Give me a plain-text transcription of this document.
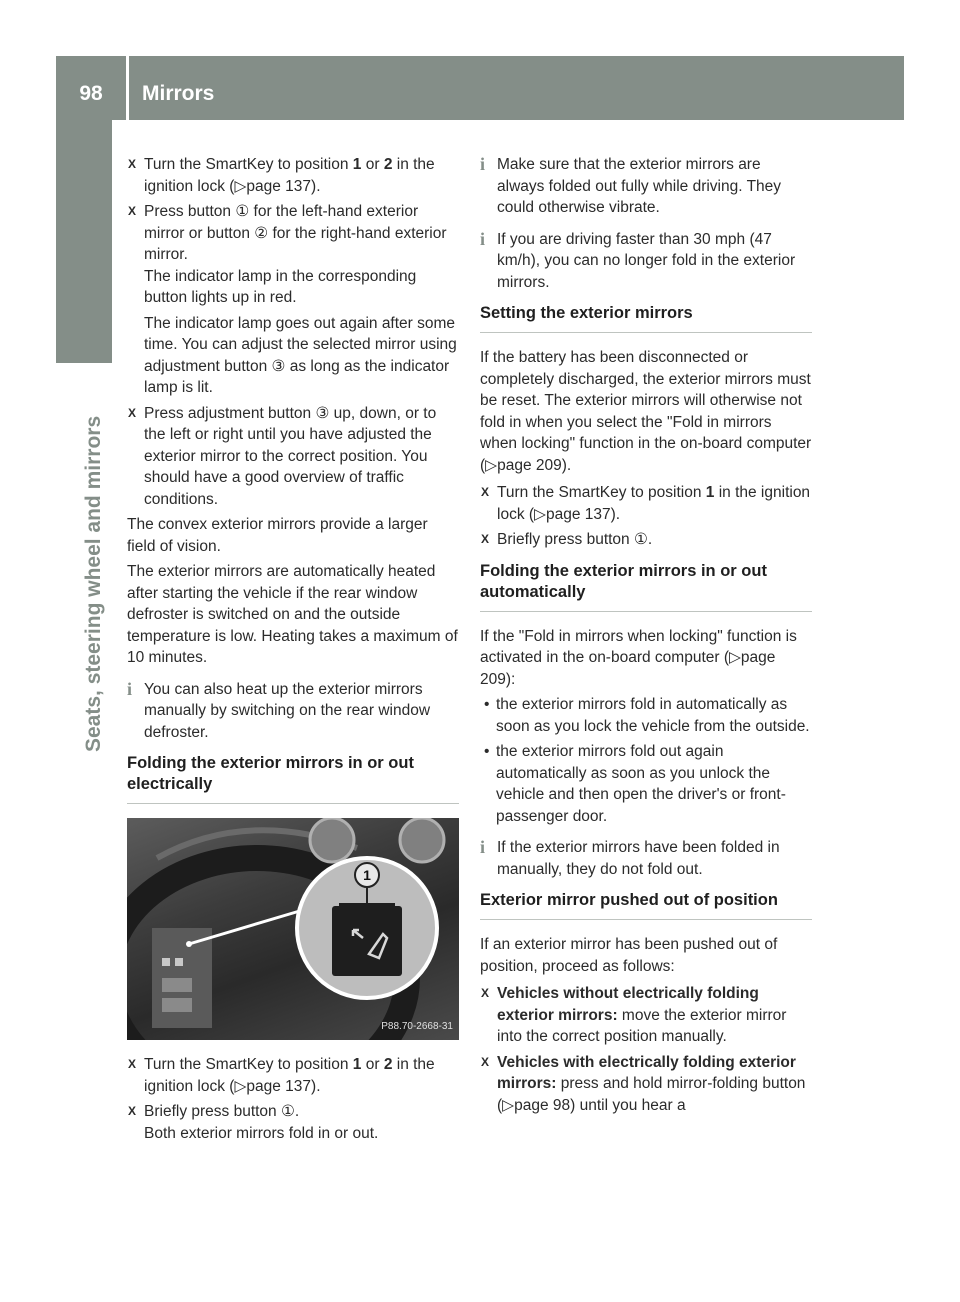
98	Mirrors
Seats, steering wheel and mirrors
X Turn the SmartKey to position 1 or 2 in the ignition lock (▷page 137).
X Press button ① for the left-hand exterior mirror or button ② for the right-hand exterior mirror.
The indicator lamp in the corresponding button lights up in red.
The indicator lamp goes out again after some time. You can adjust the selected mirror using adjustment button ③ as long as the indicator lamp is lit.
X Press adjustment button ③ up, down, or to the left or right until you have adjusted the exterior mirror to the correct position. You should have a good overview of traffic conditions.
The convex exterior mirrors provide a larger field of vision.
The exterior mirrors are automatically heated after starting the vehicle if the rear window defroster is switched on and the outside temperature is low. Heating takes a maximum of 10 minutes.
i You can also heat up the exterior mirrors manually by switching on the rear window defroster.
Folding the exterior mirrors in or out electrically
1
P88.70-2668-31
X Turn the SmartKey to position 1 or 2 in the ignition lock (▷page 137).
X Briefly press button ①.
Both exterior mirrors fold in or out.
i Make sure that the exterior mirrors are always folded out fully while driving. They could otherwise vibrate.
i If you are driving faster than 30 mph (47 km/h), you can no longer fold in the exterior mirrors.
Setting the exterior mirrors
If the battery has been disconnected or completely discharged, the exterior mirrors must be reset. The exterior mirrors will otherwise not fold in when you select the "Fold in mirrors when locking" function in the on-board computer (▷page 209).
X Turn the SmartKey to position 1 in the ignition lock (▷page 137).
X Briefly press button ①.
Folding the exterior mirrors in or out automatically
If the "Fold in mirrors when locking" function is activated in the on-board computer (▷page 209):
• the exterior mirrors fold in automatically as soon as you lock the vehicle from the outside.
• the exterior mirrors fold out again automatically as soon as you unlock the vehicle and then open the driver's or front-passenger door.
i If the exterior mirrors have been folded in manually, they do not fold out.
Exterior mirror pushed out of position
If an exterior mirror has been pushed out of position, proceed as follows:
X Vehicles without electrically folding exterior mirrors: move the exterior mirror into the correct position manually.
X Vehicles with electrically folding exterior mirrors: press and hold mirror-folding button (▷page 98) until you hear a
